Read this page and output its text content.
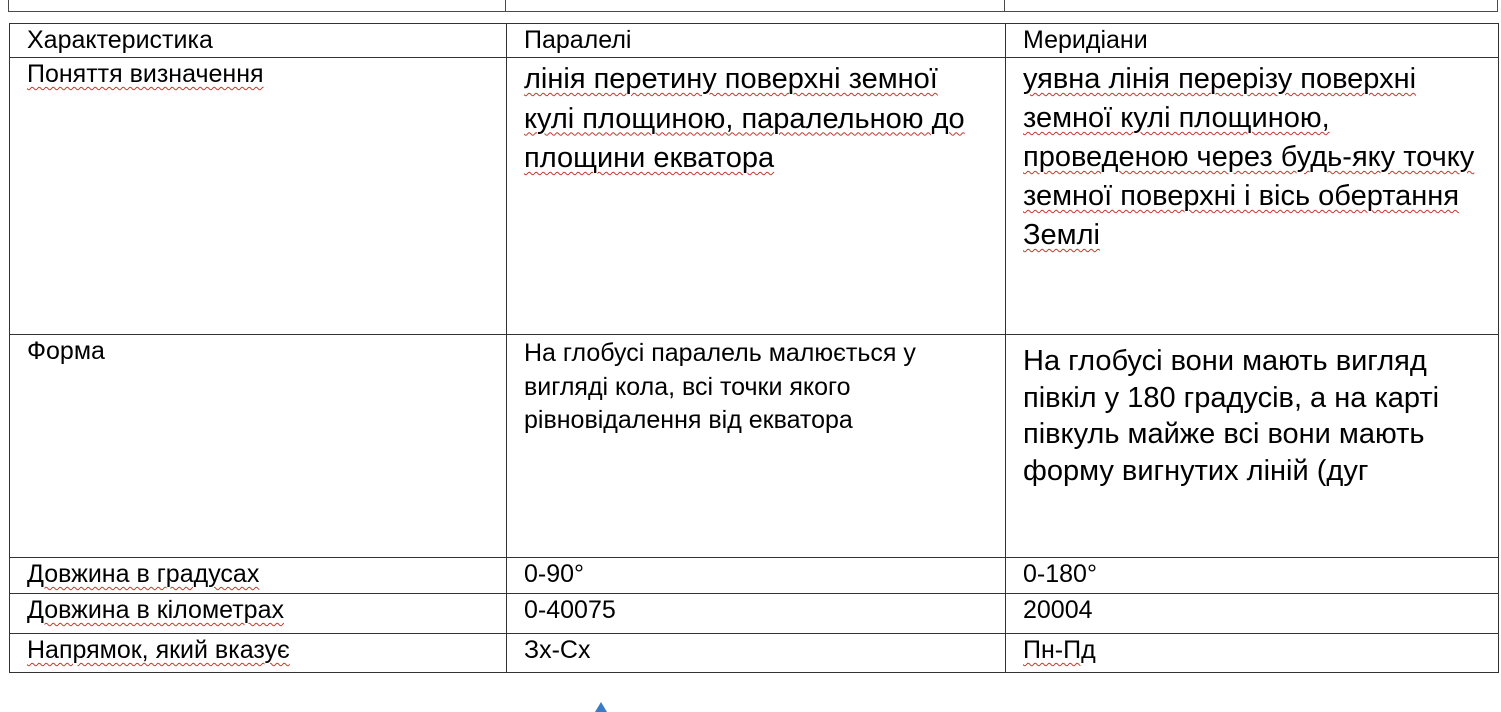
Характеристика	Паралелі	Меридіани
Поняття визначення	лінія перетину поверхні земної кулі площиною, паралельною до площини екватора	уявна лінія перерізу поверхні земної кулі площиною, проведеною через будь-яку точку земної поверхні і вісь обертання Землі

Форма	На глобусі паралель малюється у вигляді кола, всі точки якого рівновідалення від екватора	На глобусі вони мають вигляд півкіл у 180 градусів, а на карті півкуль майже всі вони мають форму вигнутих ліній (дуг

Довжина в градусах	0-90°	0-180°
Довжина в кілометрах	0-40075	20004
Напрямок, який вказує	Зх-Сх	Пн-Пд
